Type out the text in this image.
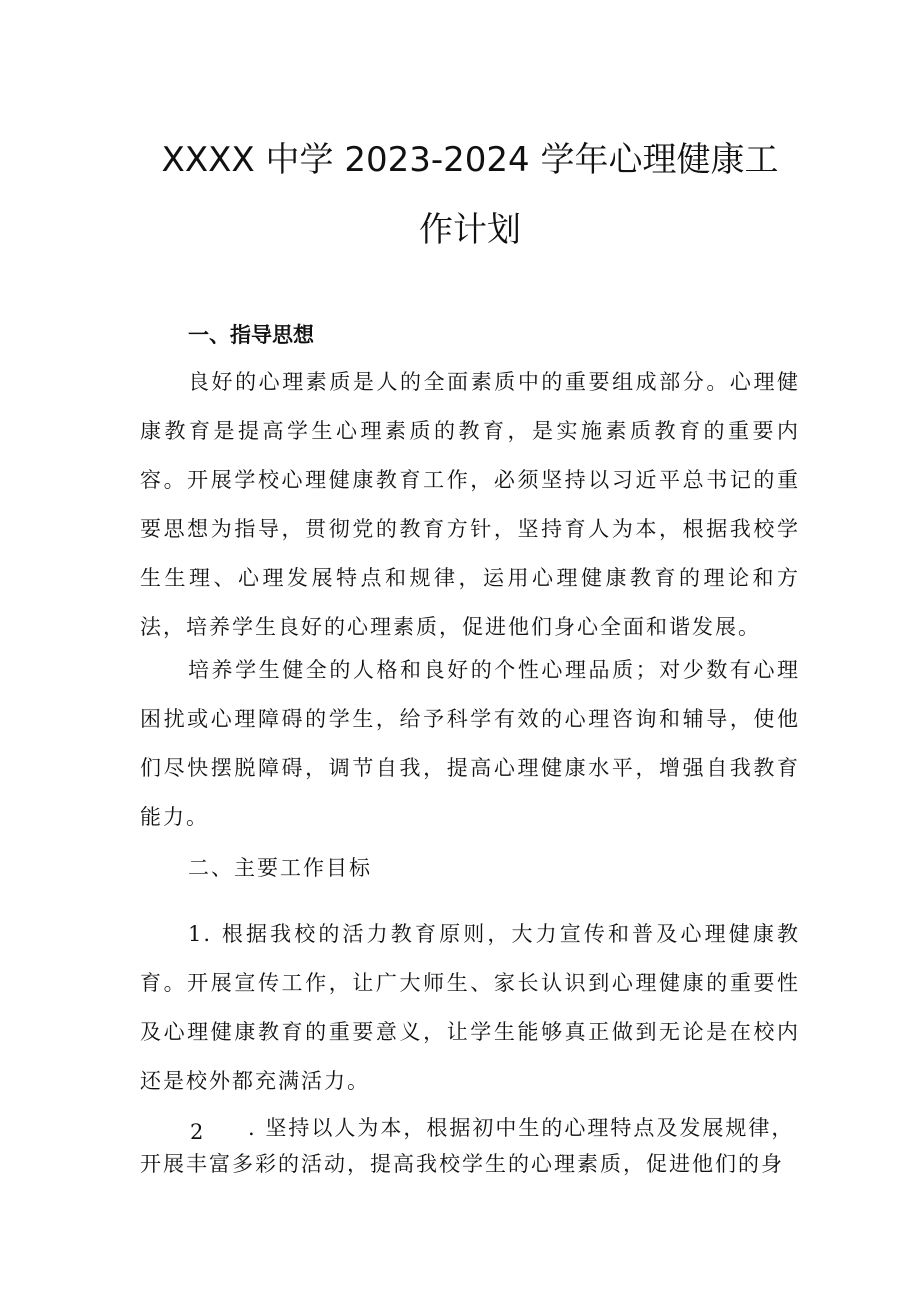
XXXX 中学 2023-2024 学年心理健康工
作计划
一、指导思想

良好的心理素质是人的全面素质中的重要组成部分。心理健康教育是提高学生心理素质的教育，是实施素质教育的重要内容。开展学校心理健康教育工作，必须坚持以习近平总书记的重要思想为指导，贯彻党的教育方针，坚持育人为本，根据我校学生生理、心理发展特点和规律，运用心理健康教育的理论和方法，培养学生良好的心理素质，促进他们身心全面和谐发展。

培养学生健全的人格和良好的个性心理品质；对少数有心理困扰或心理障碍的学生，给予科学有效的心理咨询和辅导，使他们尽快摆脱障碍，调节自我，提高心理健康水平，增强自我教育能力。

二、主要工作目标

1. 根据我校的活力教育原则，大力宣传和普及心理健康教育。开展宣传工作，让广大师生、家长认识到心理健康的重要性及心理健康教育的重要意义，让学生能够真正做到无论是在校内还是校外都充满活力。

2 . 坚持以人为本，根据初中生的心理特点及发展规律，
开展丰富多彩的活动，提高我校学生的心理素质，促进他们的身
